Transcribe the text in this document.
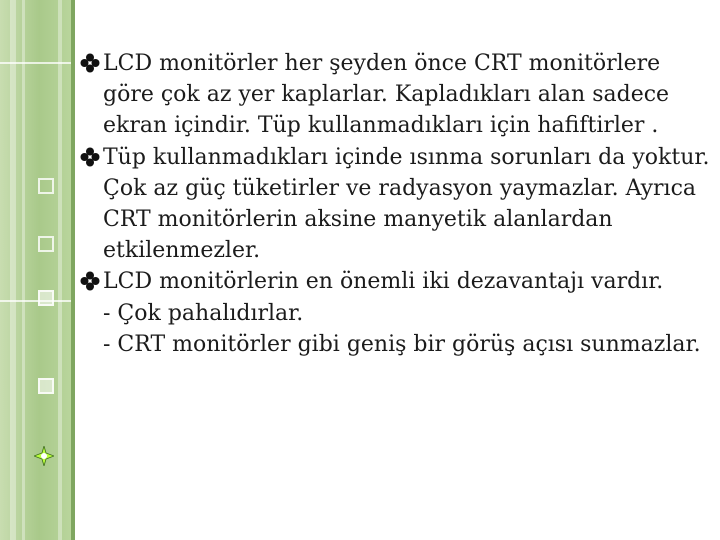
LCD monitörler her şeyden önce CRT monitörlere göre çok az yer kaplarlar. Kapladıkları alan sadece ekran içindir. Tüp kullanmadıkları için hafiftirler .
Tüp kullanmadıkları içinde ısınma sorunları da yoktur. Çok az güç tüketirler ve radyasyon yaymazlar. Ayrıca CRT monitörlerin aksine manyetik alanlardan etkilenmezler.
LCD monitörlerin en önemli iki dezavantajı vardır.
- Çok pahalıdırlar.
- CRT monitörler gibi geniş bir görüş açısı sunmazlar.
